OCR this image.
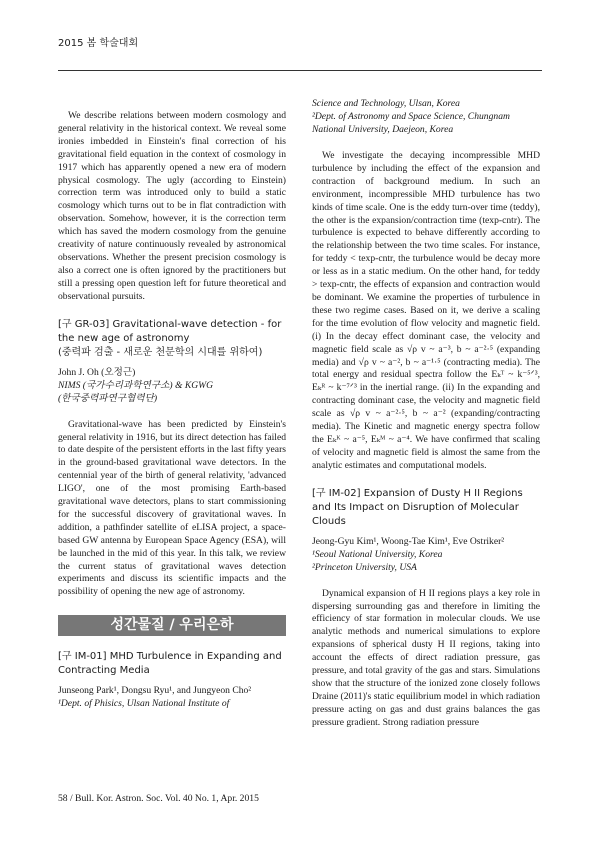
2015 봄 학술대회

We describe relations between modern cosmology and general relativity in the historical context. We reveal some ironies imbedded in Einstein's final correction of his gravitational field equation in the context of cosmology in 1917 which has apparently opened a new era of modern physical cosmology. The ugly (according to Einstein) correction term was introduced only to build a static cosmology which turns out to be in flat contradiction with observation. Somehow, however, it is the correction term which has saved the modern cosmology from the genuine creativity of nature continuously revealed by astronomical observations. Whether the present precision cosmology is also a correct one is often ignored by the practitioners but still a pressing open question left for future theoretical and observational pursuits.

[구 GR-03] Gravitational-wave detection - for the new age of astronomy
(중력파 검출 - 새로운 천문학의 시대를 위하여)
John J. Oh (오정근)
NIMS (국가수리과학연구소) & KGWG
(한국중력파연구협력단)

Gravitational-wave has been predicted by Einstein's general relativity in 1916, but its direct detection has failed to date despite of the persistent efforts in the last fifty years in the ground-based gravitational wave detectors. In the centennial year of the birth of general relativity, 'advanced LIGO', one of the most promising Earth-based gravitational wave detectors, plans to start commissioning for the successful discovery of gravitational waves. In addition, a pathfinder satellite of eLISA project, a space-based GW antenna by European Space Agency (ESA), will be launched in the mid of this year. In this talk, we review the current status of gravitational waves detection experiments and discuss its scientific impacts and the possibility of opening the new age of astronomy.

성간물질 / 우리은하
[구 IM-01] MHD Turbulence in Expanding and Contracting Media
Junseong Park¹, Dongsu Ryu¹, and Jungyeon Cho²
¹Dept. of Phisics, Ulsan National Institute of
Science and Technology, Ulsan, Korea
²Dept. of Astronomy and Space Science, Chungnam National University, Daejeon, Korea

We investigate the decaying incompressible MHD turbulence by including the effect of the expansion and contraction of background medium. In such an environment, incompressible MHD turbulence has two kinds of time scale. One is the eddy turn-over time (teddy), the other is the expansion/contraction time (texp-cntr). The turbulence is expected to behave differently according to the relationship between the two time scales. For instance, for teddy < texp-cntr, the turbulence would be decay more or less as in a static medium. On the other hand, for teddy > texp-cntr, the effects of expansion and contraction would be dominant. We examine the properties of turbulence in these two regime cases. Based on it, we derive a scaling for the time evolution of flow velocity and magnetic field. (i) In the decay effect dominant case, the velocity and magnetic field scale as √ρ v ~ a⁻³, b ~ a⁻²·⁵ (expanding media) and √ρ v ~ a⁻², b ~ a⁻¹·⁵ (contracting media). The total energy and residual spectra follow the Eₖᵀ ~ k⁻⁵ᐟ³, Eₖᴿ ~ k⁻⁷ᐟ³ in the inertial range. (ii) In the expanding and contracting dominant case, the velocity and magnetic field scale as √ρ v ~ a⁻²·⁵, b ~ a⁻² (expanding/contracting media). The Kinetic and magnetic energy spectra follow the Eₖᴷ ~ a⁻⁵, Eₖᴹ ~ a⁻⁴. We have confirmed that scaling of velocity and magnetic field is almost the same from the analytic estimates and computational models.

[구 IM-02] Expansion of Dusty H II Regions and Its Impact on Disruption of Molecular Clouds
Jeong-Gyu Kim¹, Woong-Tae Kim¹, Eve Ostriker²
¹Seoul National University, Korea
²Princeton University, USA

Dynamical expansion of H II regions plays a key role in dispersing surrounding gas and therefore in limiting the efficiency of star formation in molecular clouds. We use analytic methods and numerical simulations to explore expansions of spherical dusty H II regions, taking into account the effects of direct radiation pressure, gas pressure, and total gravity of the gas and stars. Simulations show that the structure of the ionized zone closely follows Draine (2011)'s static equilibrium model in which radiation pressure acting on gas and dust grains balances the gas pressure gradient. Strong radiation pressure

58 / Bull. Kor. Astron. Soc. Vol. 40 No. 1, Apr. 2015
